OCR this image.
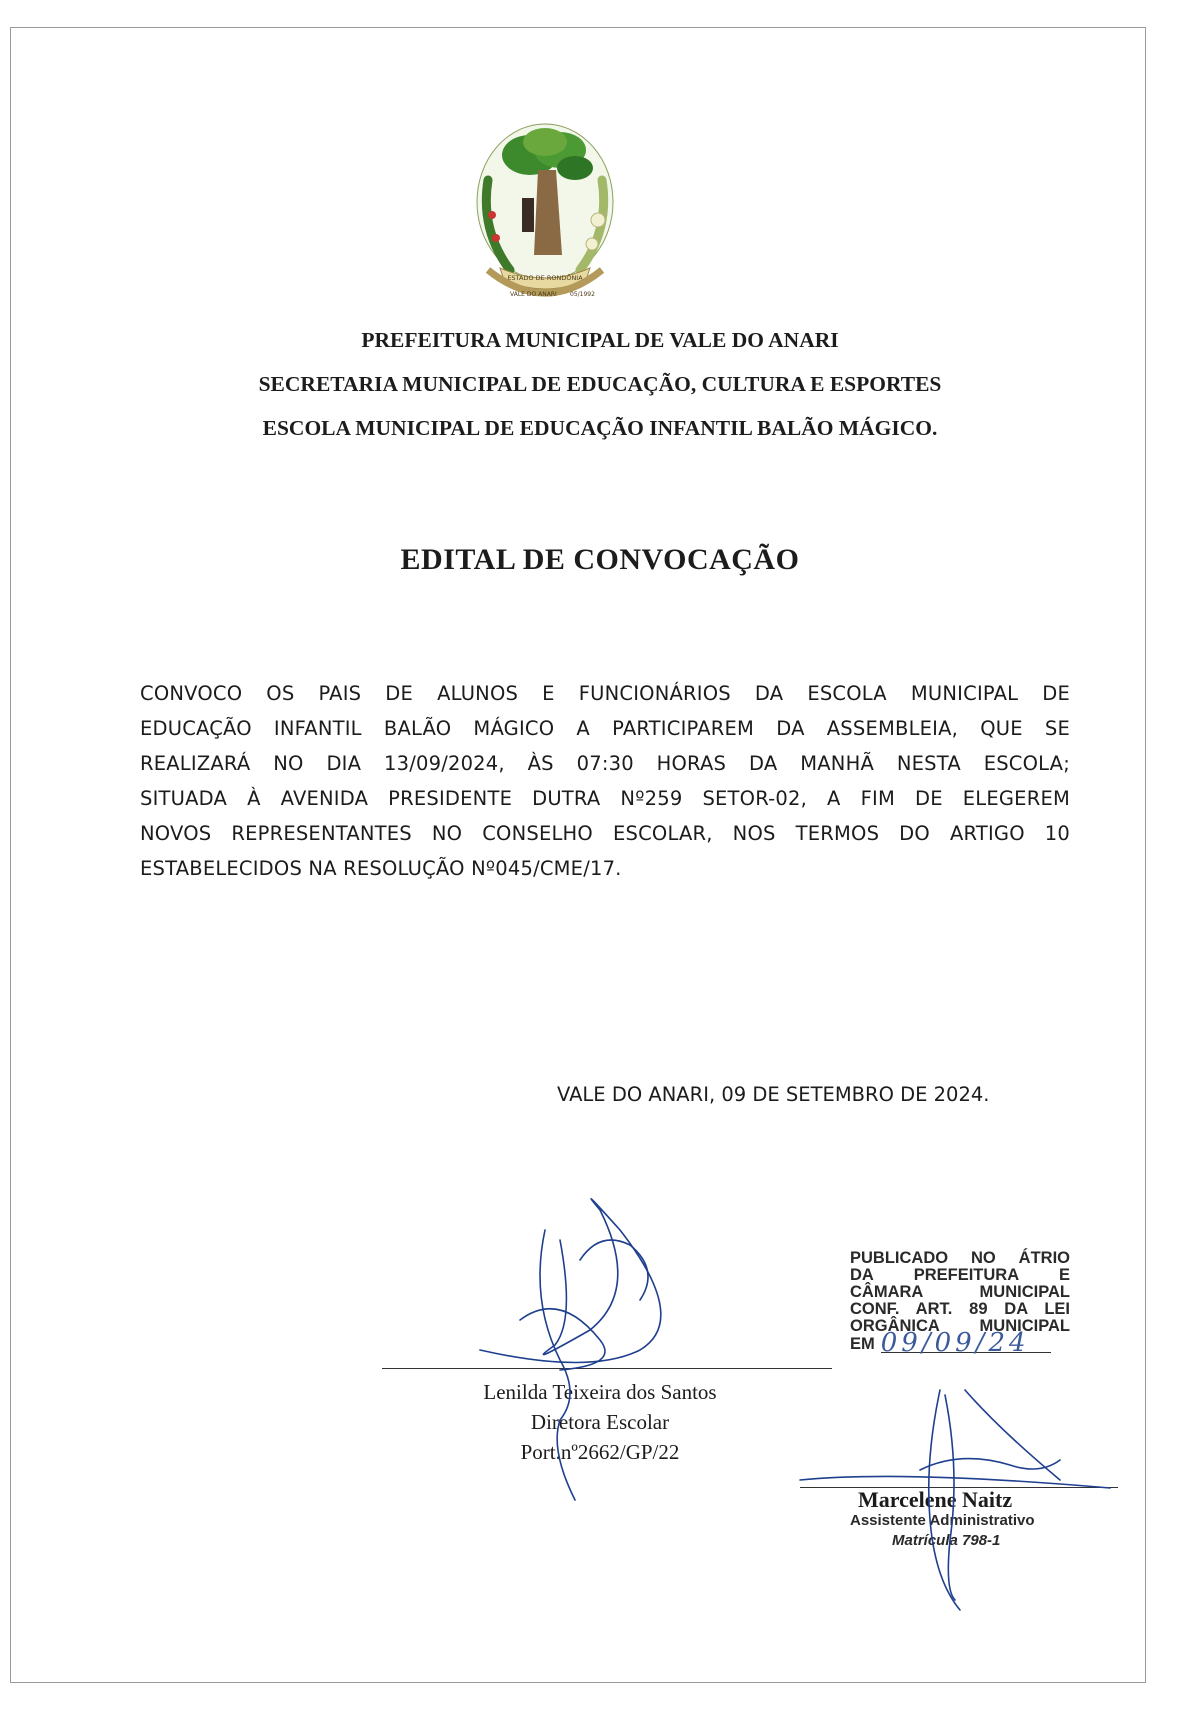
ESTADO DE RONDÔNIA
VALE DO ANARI 05/1992
PREFEITURA MUNICIPAL DE VALE DO ANARI
SECRETARIA MUNICIPAL DE EDUCAÇÃO, CULTURA E ESPORTES
ESCOLA MUNICIPAL DE EDUCAÇÃO INFANTIL BALÃO MÁGICO.
EDITAL DE CONVOCAÇÃO
CONVOCO OS PAIS DE ALUNOS E FUNCIONÁRIOS DA ESCOLA MUNICIPAL DE
EDUCAÇÃO INFANTIL BALÃO MÁGICO A PARTICIPAREM DA ASSEMBLEIA, QUE SE
REALIZARÁ NO DIA 13/09/2024, ÀS 07:30 HORAS DA MANHÃ NESTA ESCOLA;
SITUADA À AVENIDA PRESIDENTE DUTRA Nº259 SETOR-02, A FIM DE ELEGEREM
NOVOS REPRESENTANTES NO CONSELHO ESCOLAR, NOS TERMOS DO ARTIGO 10
ESTABELECIDOS NA RESOLUÇÃO Nº045/CME/17.
VALE DO ANARI, 09 DE SETEMBRO DE 2024.
Lenilda Teixeira dos Santos
Diretora Escolar
Port.nº2662/GP/22
PUBLICADO NO ÁTRIO
DA PREFEITURA E
CÂMARA MUNICIPAL
CONF. ART. 89 DA LEI
ORGÂNICA MUNICIPAL
EM 09/09/24
Marcelene Naitz
Assistente Administrativo
Matrícula 798-1
